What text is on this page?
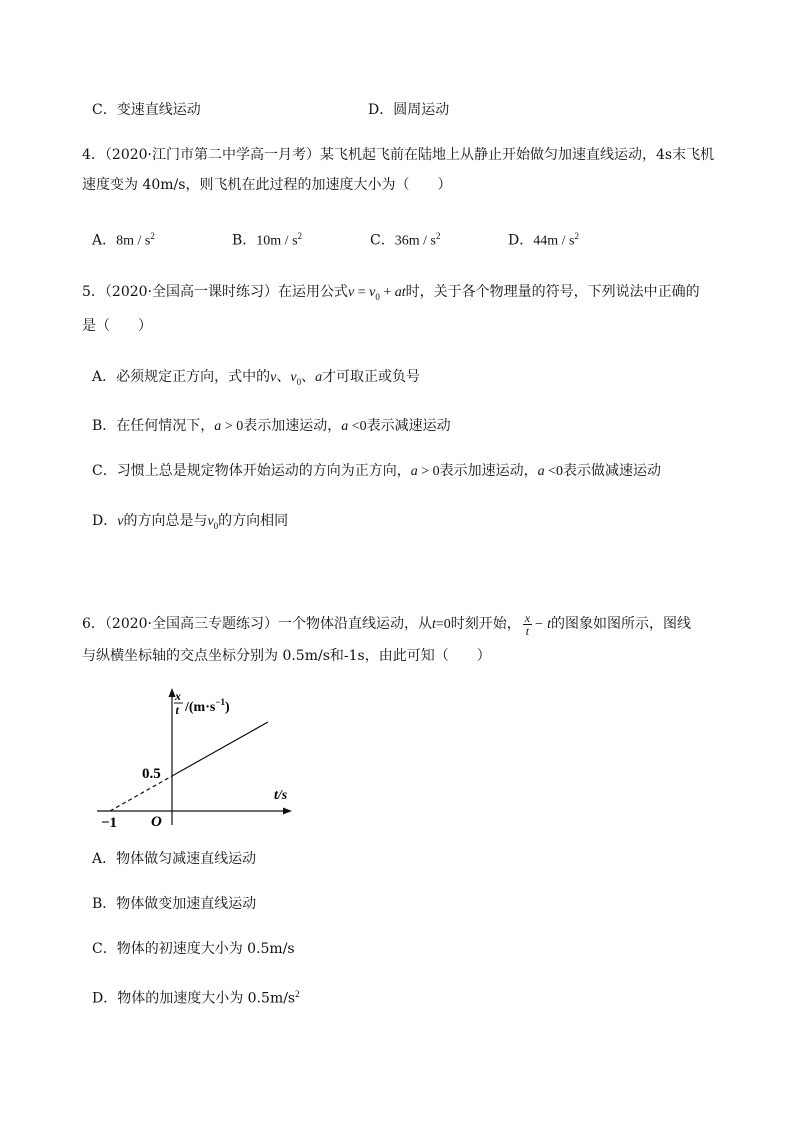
C．变速直线运动	D．圆周运动
4．（2020·江门市第二中学高一月考）某飞机起飞前在陆地上从静止开始做匀加速直线运动，4s末飞机
速度变为 40m/s，则飞机在此过程的加速度大小为（　　）
A．$8m / s^2$	B．$10m / s^2$	C．$36m / s^2$	D．$44m / s^2$
5．（2020·全国高一课时练习）在运用公式$v = v_0$ + at时，关于各个物理量的符号，下列说法中正确的
是（　　）
A．必须规定正方向，式中的v、$v_0$、a才可取正或负号
B．在任何情况下，a > 0表示加速运动，a <0表示减速运动
C．习惯上总是规定物体开始运动的方向为正方向，a > 0表示加速运动，a <0表示做减速运动
D．v的方向总是与$v_0$的方向相同
6．（2020·全国高三专题练习）一个物体沿直线运动，从t=0时刻开始， $\frac{x}{t} - t$的图象如图所示，图线
与纵横坐标轴的交点坐标分别为 0.5m/s和-1s，由此可知（　　）
x
t $/(m\cdot s^{-1})$
0.5
−1 O
t/s
A．物体做匀减速直线运动
B．物体做变加速直线运动
C．物体的初速度大小为 0.5m/s
D．物体的加速度大小为 $0.5m/s^2$
